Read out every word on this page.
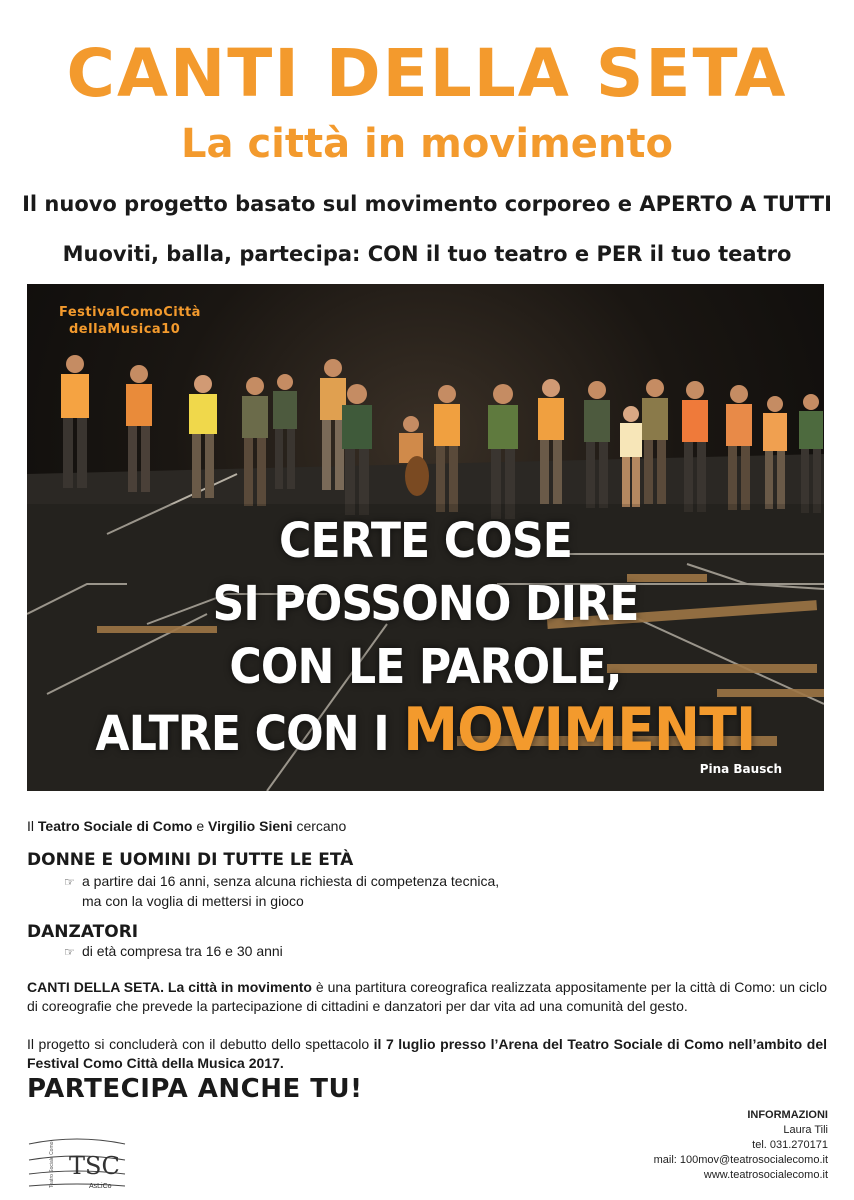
CANTI DELLA SETA
La città in movimento
Il nuovo progetto basato sul movimento corporeo e APERTO A TUTTI
Muoviti, balla, partecipa: CON il tuo teatro e PER il tuo teatro
FestivalComoCittà
dellaMusica10
CERTE COSE
SI POSSONO DIRE
CON LE PAROLE,
ALTRE CON I MOVIMENTI
Pina Bausch
Il Teatro Sociale di Como e Virgilio Sieni cercano
DONNE E UOMINI DI TUTTE LE ETÀ
☞ a partire dai 16 anni, senza alcuna richiesta di competenza tecnica,
ma con la voglia di mettersi in gioco
DANZATORI
☞ di età compresa tra 16 e 30 anni
CANTI DELLA SETA. La città in movimento è una partitura coreografica realizzata appositamente per la città di Como: un ciclo di coreografie che prevede la partecipazione di cittadini e danzatori per dar vita ad una comunità del gesto.
Il progetto si concluderà con il debutto dello spettacolo il 7 luglio presso l’Arena del Teatro Sociale di Como nell’ambito del Festival Como Città della Musica 2017.
PARTECIPA ANCHE TU!
TSC
AsLiCo
Teatro Sociale Como
INFORMAZIONI
Laura Tili
tel. 031.270171
mail: 100mov@teatrosocialecomo.it
www.teatrosocialecomo.it
